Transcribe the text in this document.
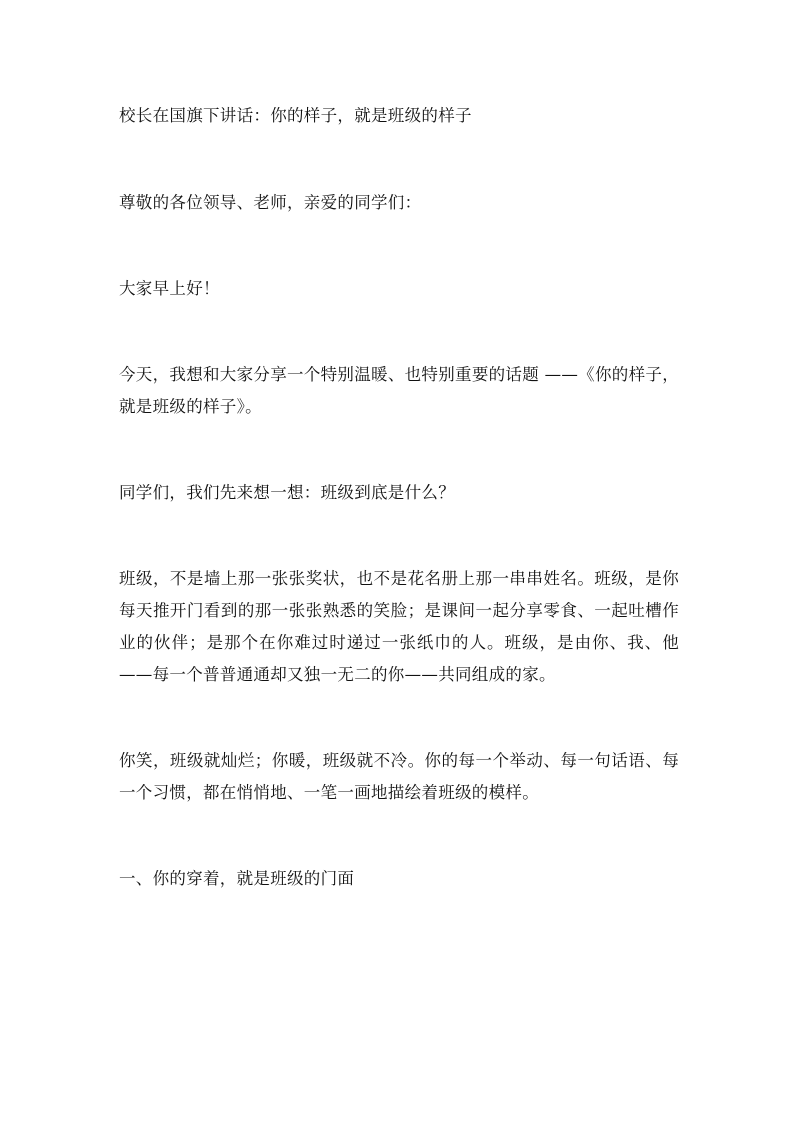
校长在国旗下讲话：你的样子，就是班级的样子

尊敬的各位领导、老师，亲爱的同学们：

大家早上好！

今天，我想和大家分享一个特别温暖、也特别重要的话题 ——《你的样子，就是班级的样子》。

同学们，我们先来想一想：班级到底是什么？

班级，不是墙上那一张张奖状，也不是花名册上那一串串姓名。班级，是你每天推开门看到的那一张张熟悉的笑脸；是课间一起分享零食、一起吐槽作业的伙伴；是那个在你难过时递过一张纸巾的人。班级，是由你、我、他 ——每一个普普通通却又独一无二的你——共同组成的家。

你笑，班级就灿烂；你暖，班级就不冷。你的每一个举动、每一句话语、每一个习惯，都在悄悄地、一笔一画地描绘着班级的模样。

一、你的穿着，就是班级的门面
